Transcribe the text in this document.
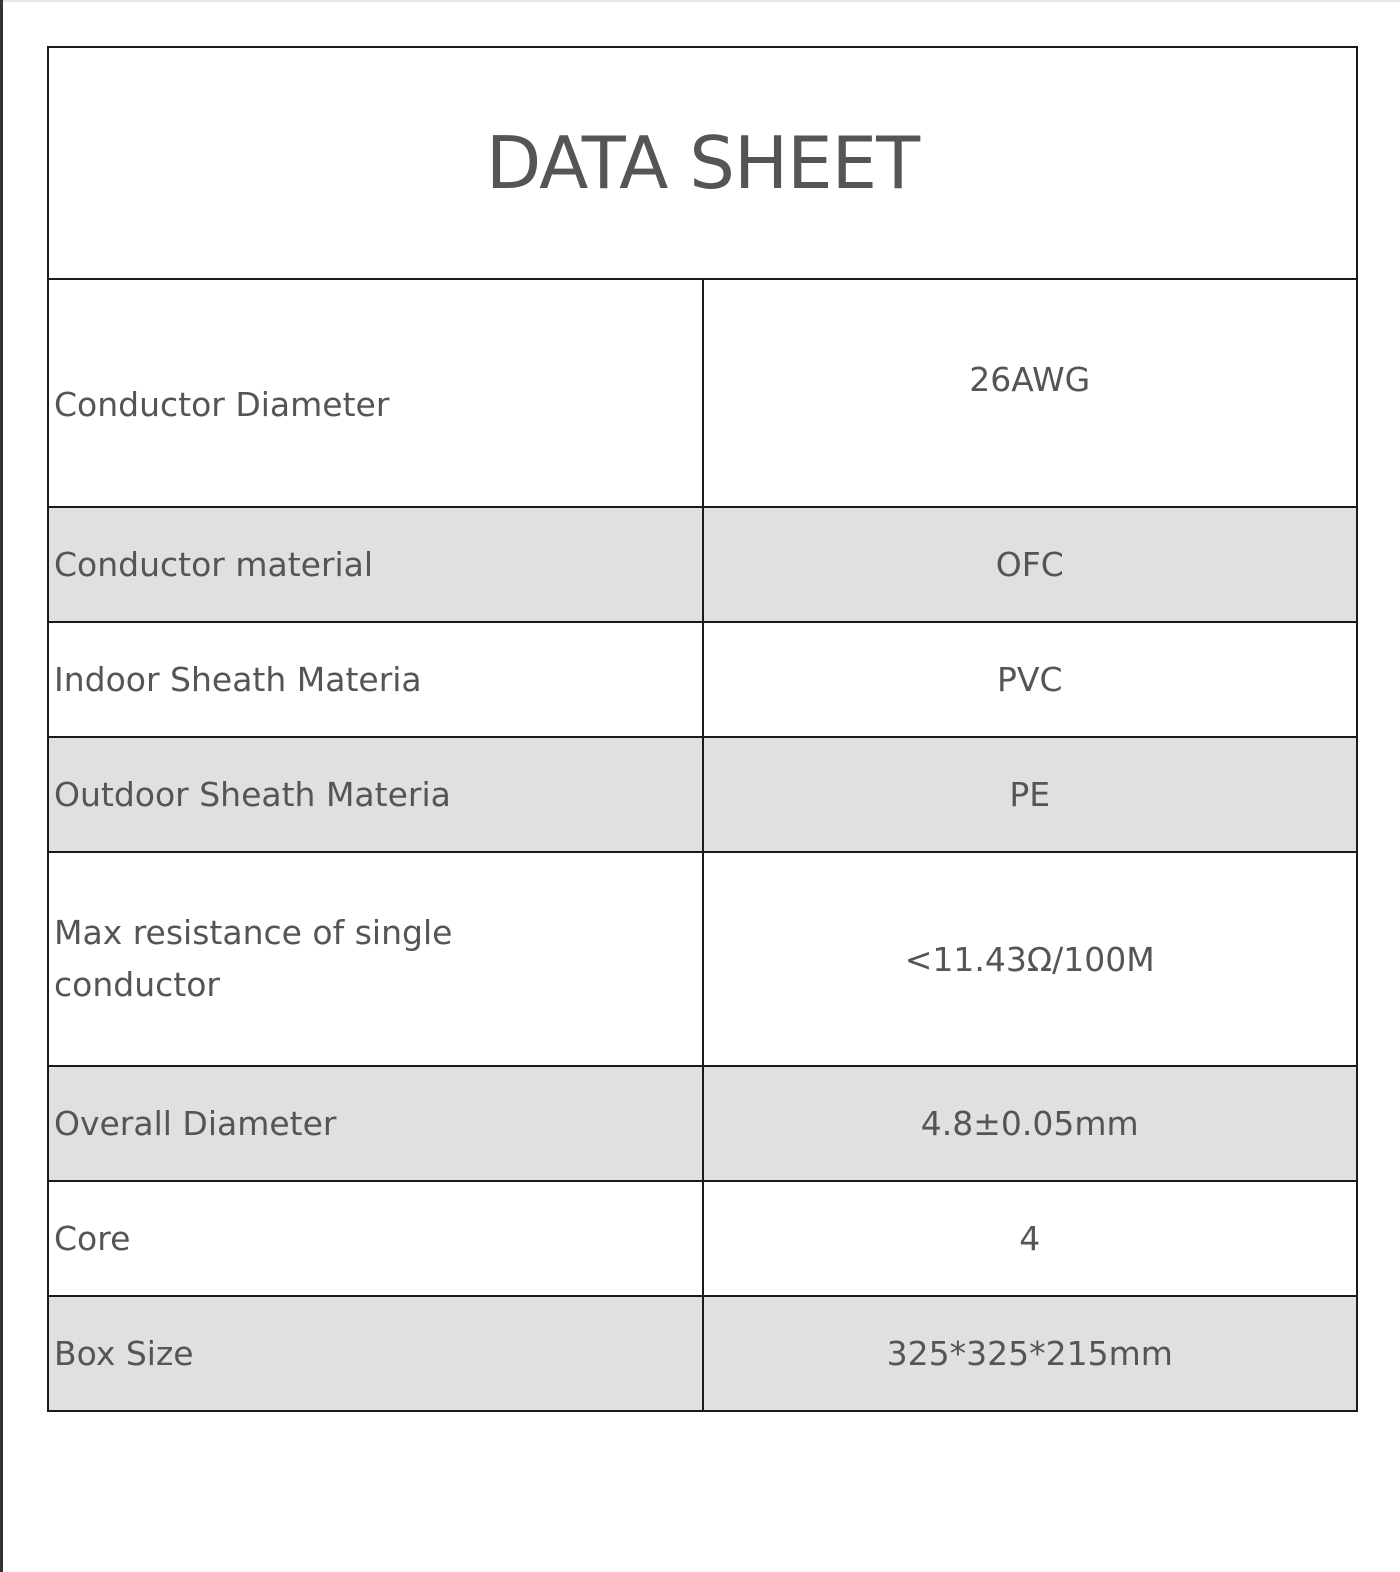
DATA SHEET	

Conductor Diameter	26AWG

Conductor material	OFC
Indoor Sheath Materia	PVC
Outdoor Sheath Materia	PE

Max resistance of single conductor	<11.43Ω/100M
Overall Diameter	4.8±0.05mm
Core	4
Box Size	325*325*215mm
